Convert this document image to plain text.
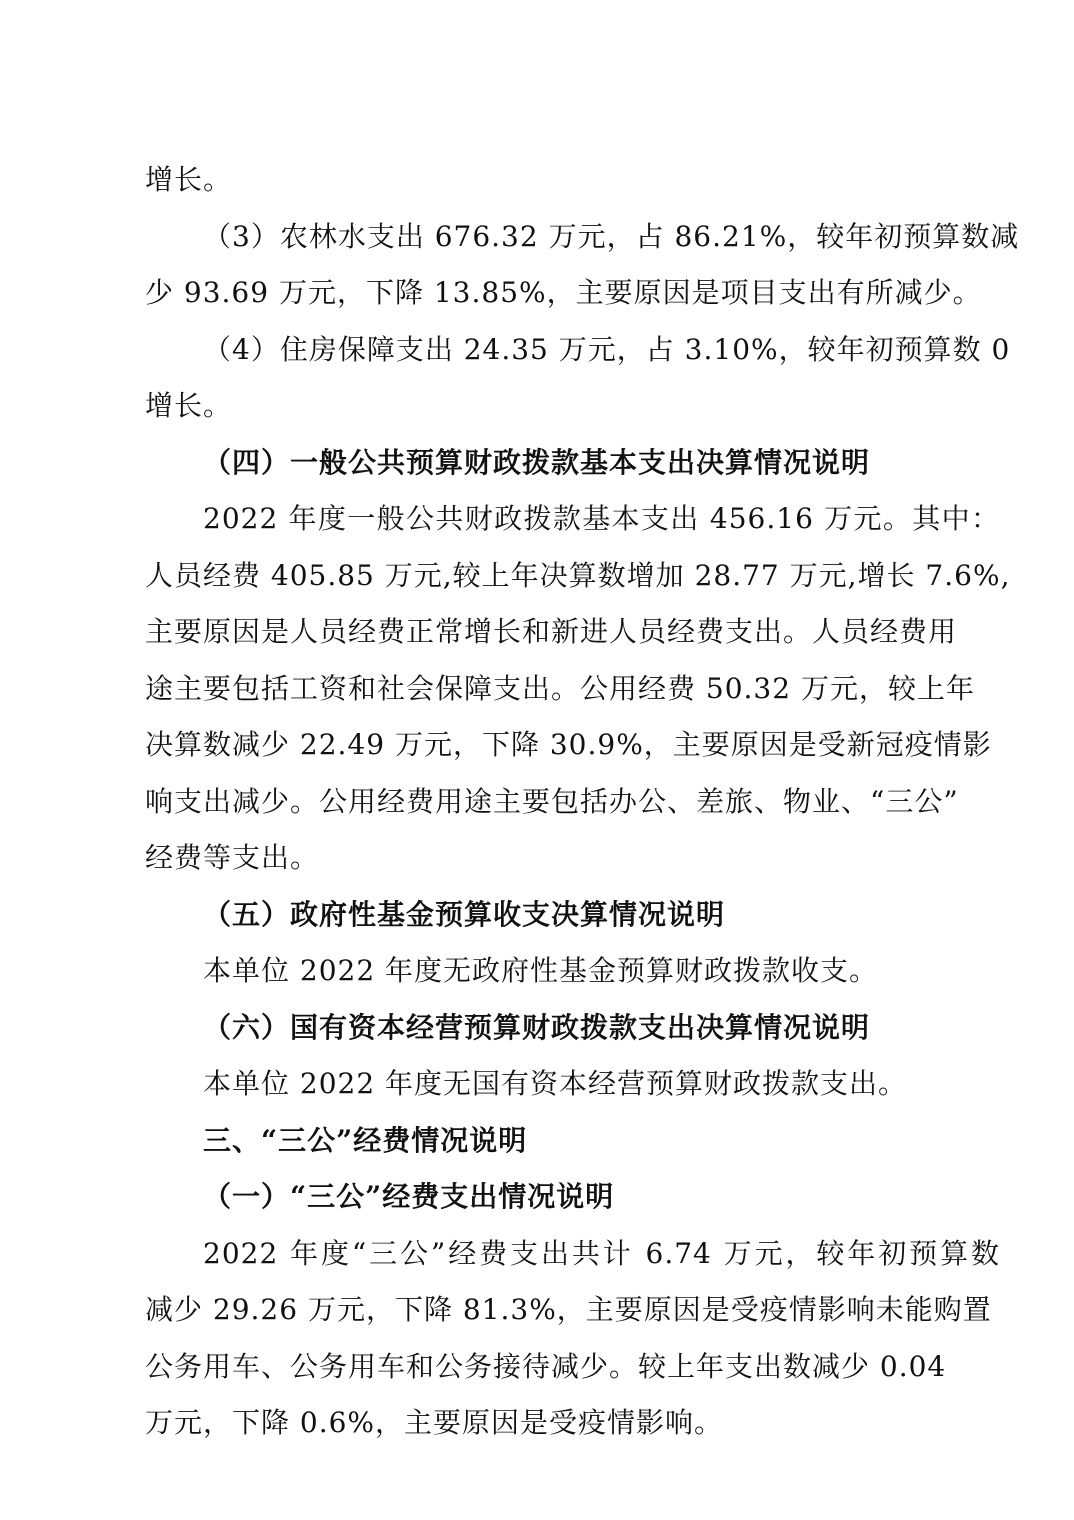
增长。
（3）农林水支出 676.32 万元，占 86.21%，较年初预算数减
少 93.69 万元，下降 13.85%，主要原因是项目支出有所减少。
（4）住房保障支出 24.35 万元，占 3.10%，较年初预算数 0
增长。
（四）一般公共预算财政拨款基本支出决算情况说明
2022 年度一般公共财政拨款基本支出 456.16 万元。其中：
人员经费 405.85 万元,较上年决算数增加 28.77 万元,增长 7.6%,
主要原因是人员经费正常增长和新进人员经费支出。人员经费用
途主要包括工资和社会保障支出。公用经费 50.32 万元，较上年
决算数减少 22.49 万元，下降 30.9%，主要原因是受新冠疫情影
响支出减少。公用经费用途主要包括办公、差旅、物业、“三公”
经费等支出。
（五）政府性基金预算收支决算情况说明
本单位 2022 年度无政府性基金预算财政拨款收支。
（六）国有资本经营预算财政拨款支出决算情况说明
本单位 2022 年度无国有资本经营预算财政拨款支出。
三、“三公”经费情况说明
（一）“三公”经费支出情况说明
2022 年度“三公”经费支出共计 6.74 万元，较年初预算数
减少 29.26 万元，下降 81.3%，主要原因是受疫情影响未能购置
公务用车、公务用车和公务接待减少。较上年支出数减少 0.04
万元，下降 0.6%，主要原因是受疫情影响。
